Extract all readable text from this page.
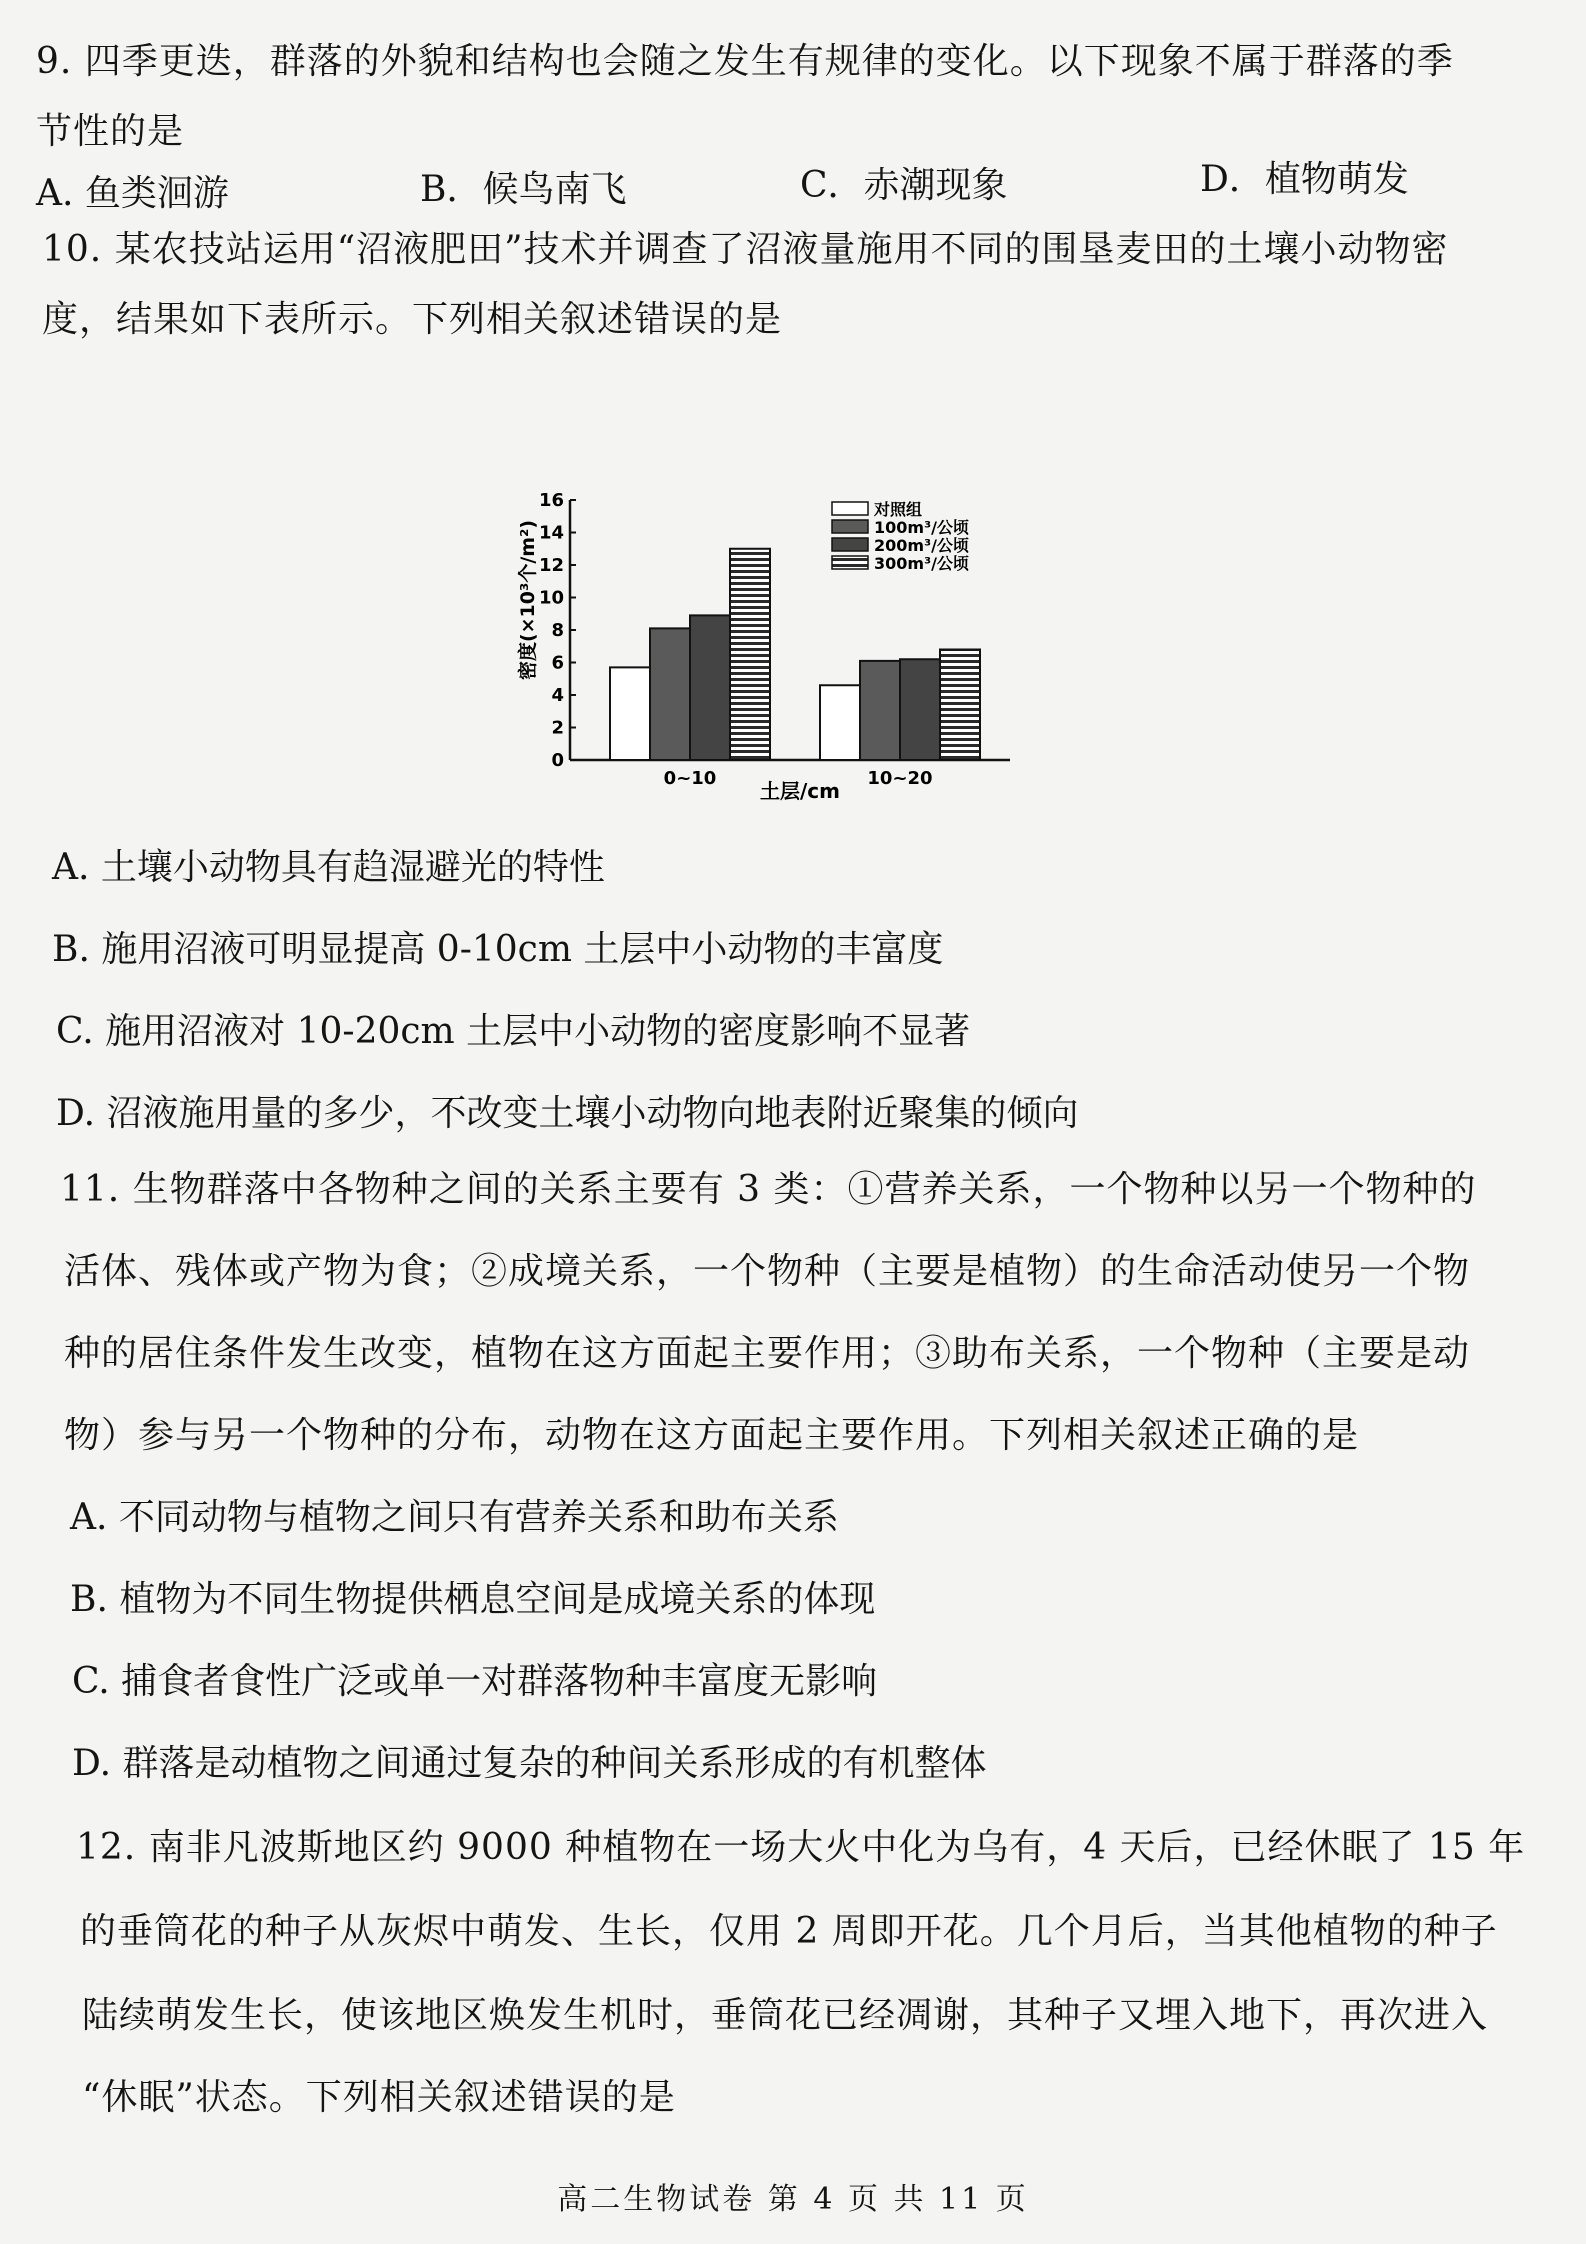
9. 四季更迭，群落的外貌和结构也会随之发生有规律的变化。以下现象不属于群落的季
节性的是
A. 鱼类洄游	B．候鸟南飞	C．赤潮现象	D．植物萌发
10. 某农技站运用“沼液肥田”技术并调查了沼液量施用不同的围垦麦田的土壤小动物密
度，结果如下表所示。下列相关叙述错误的是
0
2
4
6
8
10
12
14
16
0~10	10~20
对照组
100m³/公顷
200m³/公顷
300m³/公顷
密度(×10³个/m²)
土层/cm
A. 土壤小动物具有趋湿避光的特性
B. 施用沼液可明显提高 0-10cm 土层中小动物的丰富度
C. 施用沼液对 10-20cm 土层中小动物的密度影响不显著
D. 沼液施用量的多少，不改变土壤小动物向地表附近聚集的倾向
11. 生物群落中各物种之间的关系主要有 3 类：①营养关系，一个物种以另一个物种的
活体、残体或产物为食；②成境关系，一个物种（主要是植物）的生命活动使另一个物
种的居住条件发生改变，植物在这方面起主要作用；③助布关系，一个物种（主要是动
物）参与另一个物种的分布，动物在这方面起主要作用。下列相关叙述正确的是
A. 不同动物与植物之间只有营养关系和助布关系
B. 植物为不同生物提供栖息空间是成境关系的体现
C. 捕食者食性广泛或单一对群落物种丰富度无影响
D. 群落是动植物之间通过复杂的种间关系形成的有机整体
12. 南非凡波斯地区约 9000 种植物在一场大火中化为乌有，4 天后，已经休眠了 15 年
的垂筒花的种子从灰烬中萌发、生长，仅用 2 周即开花。几个月后，当其他植物的种子
陆续萌发生长，使该地区焕发生机时，垂筒花已经凋谢，其种子又埋入地下，再次进入
“休眠”状态。下列相关叙述错误的是
高二生物试卷 第 4 页 共 11 页
